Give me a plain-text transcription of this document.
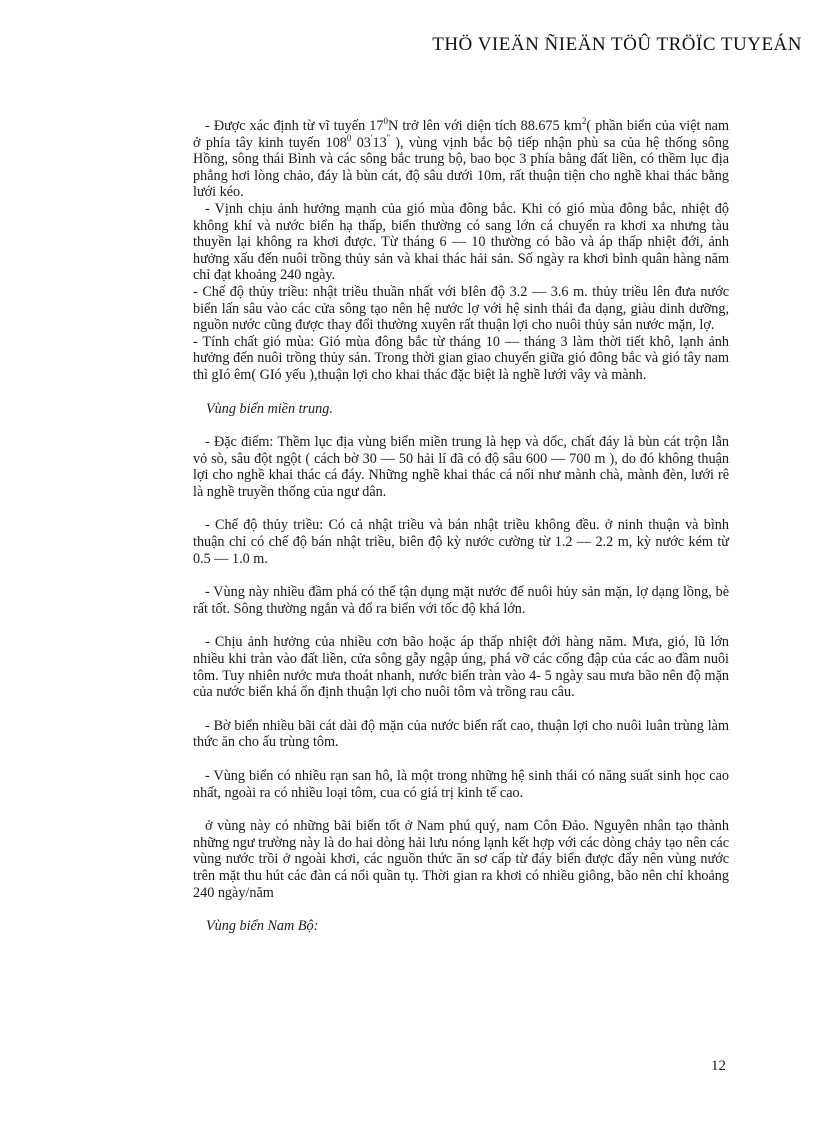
THÖ VIEÄN ÑIEÄN TÖÛ TRÖÏC TUYEÁN

- Được xác định từ vĩ tuyến $17^0N$ trở lên với diện tích 88.675 $km^2$( phần biển của việt nam ở phía tây kinh tuyến $108^0$ 03'13'' ), vùng vịnh bắc bộ tiếp nhận phù sa của hệ thống sông Hồng, sông thái Bình và các sông bắc trung bộ, bao bọc 3 phía bằng đất liền, có thềm lục địa phẳng hơi lòng chảo, đáy là bùn cát, độ sâu dưới 10m, rất thuận tiện cho nghề khai thác bằng lưới kéo.

- Vịnh chịu ảnh hưởng mạnh của gió mùa đông bắc. Khi có gió mùa đông bắc, nhiệt độ không khí và nước biển hạ thấp, biển thường có sang lớn cá chuyển ra khơi xa nhưng tàu thuyền lại không ra khơi được. Từ tháng 6 — 10 thường có bão và áp thấp nhiệt đới, ảnh hưởng xấu đến nuôi trồng thủy sản và khai thác hải sản. Số ngày ra khơi bình quân hàng năm chỉ đạt khoảng 240 ngày.

- Chế độ thủy triều: nhật triều thuần nhất với bIên độ 3.2 — 3.6 m. thủy triều lên đưa nước biển lấn sâu vào các cửa sông tạo nên hệ nước lợ với hệ sinh thái đa dạng, giàu dinh dưỡng, nguồn nước cũng được thay đổi thường xuyên rất thuận lợi cho nuôi thủy sản nước mặn, lợ.

- Tính chất gió mùa: Gió mùa đông bắc từ tháng 10 — tháng 3 làm thời tiết khô, lạnh ảnh hưởng đến nuôi trồng thủy sản. Trong thời gian giao chuyển giữa gió đông bắc và gió tây nam thì gIó êm( GIó yếu ),thuận lợi cho khai thác đặc biệt là nghề lưới vây và mành.

Vùng biển miền trung.

- Đặc điểm: Thềm lục địa vùng biển miền trung là hẹp và dốc, chất đáy là bùn cát trộn lẫn vỏ sò, sâu đột ngột ( cách bờ 30 — 50 hải lí đã có độ sâu 600 — 700 m ), do đó không thuận lợi cho nghề khai thác cá đáy. Những nghề khai thác cá nổi như mành chà, mành đèn, lưới rê là nghề truyền thống của ngư dân.

- Chế độ thủy triều: Có cả nhật triều và bán nhật triều không đều. ở ninh thuận và bình thuận chỉ có chế độ bán nhật triều, biên độ kỳ nước cường từ 1.2 — 2.2 m, kỳ nước kém từ 0.5 — 1.0 m.

- Vùng này nhiều đầm phá có thể tận dụng mặt nước để nuôi hủy sản mặn, lợ dạng lồng, bè rất tốt. Sông thường ngắn và đổ ra biển với tốc độ khá lớn.

- Chịu ảnh hưởng của nhiều cơn bão hoặc áp thấp nhiệt đới hàng năm. Mưa, gió, lũ lớn nhiều khi tràn vào đất liền, cửa sông gẫy ngập úng, phá vỡ các cống đập của các ao đầm nuôi tôm. Tuy nhiên nước mưa thoát nhanh, nước biển tràn vào 4- 5 ngày sau mưa bão nên độ mặn của nước biển khá ổn định thuận lợi cho nuôi tôm và trồng rau câu.

- Bờ biển nhiều bãi cát dài độ mặn của nước biển rất cao, thuận lợi cho nuôi luân trùng làm thức ăn cho ấu trùng tôm.

- Vùng biển có nhiều rạn san hô, là một trong những hệ sinh thái có năng suất sinh học cao nhất, ngoài ra có nhiều loại tôm, cua có giá trị kinh tế cao.

ở vùng này có những bãi biển tốt ở Nam phú quý, nam Côn Đảo. Nguyên nhân tạo thành những ngư trường này là do hai dòng hải lưu nóng lạnh kết hợp với các dòng chảy tạo nên các vùng nước trồi ở ngoài khơi, các nguồn thức ăn sơ cấp từ đáy biển được đẩy nên vùng nước trên mặt thu hút các đàn cá nổi quần tụ. Thời gian ra khơi có nhiều giông, bão nên chỉ khoảng 240 ngày/năm

Vùng biển Nam Bộ:

12
